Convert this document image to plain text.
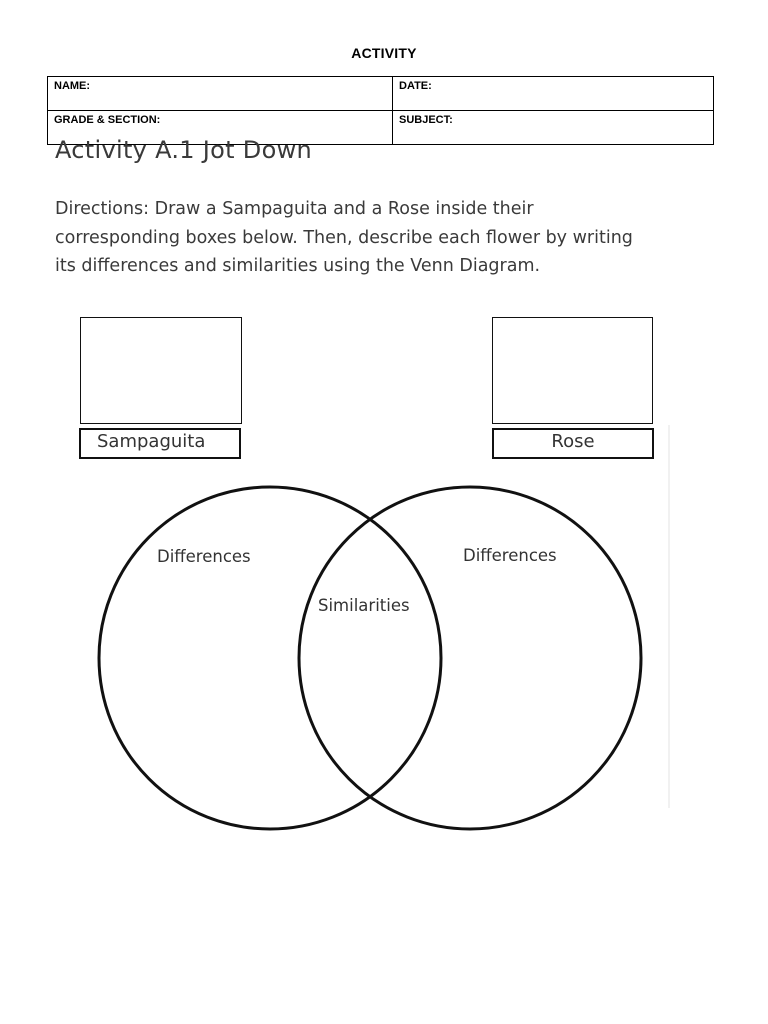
ACTIVITY
NAME:	DATE:
GRADE & SECTION:	SUBJECT:
Activity A.1 Jot Down
Directions: Draw a Sampaguita and a Rose inside their
corresponding boxes below. Then, describe each flower by writing
its differences and similarities using the Venn Diagram.
Sampaguita	Rose
Differences
Similarities
Differences
